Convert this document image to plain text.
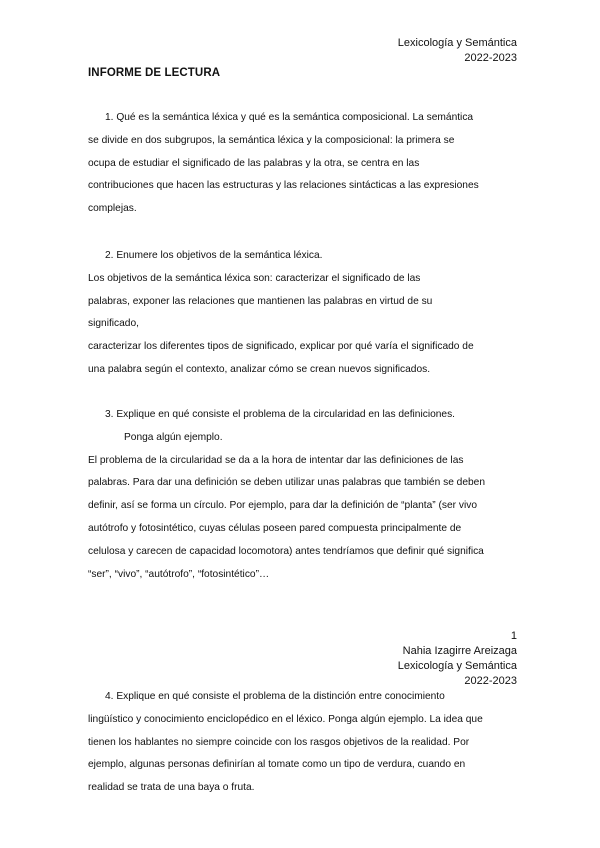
Lexicología y Semántica
2022-2023
INFORME DE LECTURA
1. Qué es la semántica léxica y qué es la semántica composicional. La semántica
se divide en dos subgrupos, la semántica léxica y la composicional: la primera se
ocupa de estudiar el significado de las palabras y la otra, se centra en las
contribuciones que hacen las estructuras y las relaciones sintácticas a las expresiones
complejas.
2. Enumere los objetivos de la semántica léxica.
Los objetivos de la semántica léxica son: caracterizar el significado de las
palabras, exponer las relaciones que mantienen las palabras en virtud de su
significado,
caracterizar los diferentes tipos de significado, explicar por qué varía el significado de
una palabra según el contexto, analizar cómo se crean nuevos significados.
3. Explique en qué consiste el problema de la circularidad en las definiciones.
Ponga algún ejemplo.
El problema de la circularidad se da a la hora de intentar dar las definiciones de las
palabras. Para dar una definición se deben utilizar unas palabras que también se deben
definir, así se forma un círculo. Por ejemplo, para dar la definición de “planta” (ser vivo
autótrofo y fotosintético, cuyas células poseen pared compuesta principalmente de
celulosa y carecen de capacidad locomotora) antes tendríamos que definir qué significa
“ser”, “vivo”, “autótrofo”, “fotosintético”…
1
Nahia Izagirre Areizaga
Lexicología y Semántica
2022-2023
4. Explique en qué consiste el problema de la distinción entre conocimiento
lingüístico y conocimiento enciclopédico en el léxico. Ponga algún ejemplo. La idea que
tienen los hablantes no siempre coincide con los rasgos objetivos de la realidad. Por
ejemplo, algunas personas definirían al tomate como un tipo de verdura, cuando en
realidad se trata de una baya o fruta.
